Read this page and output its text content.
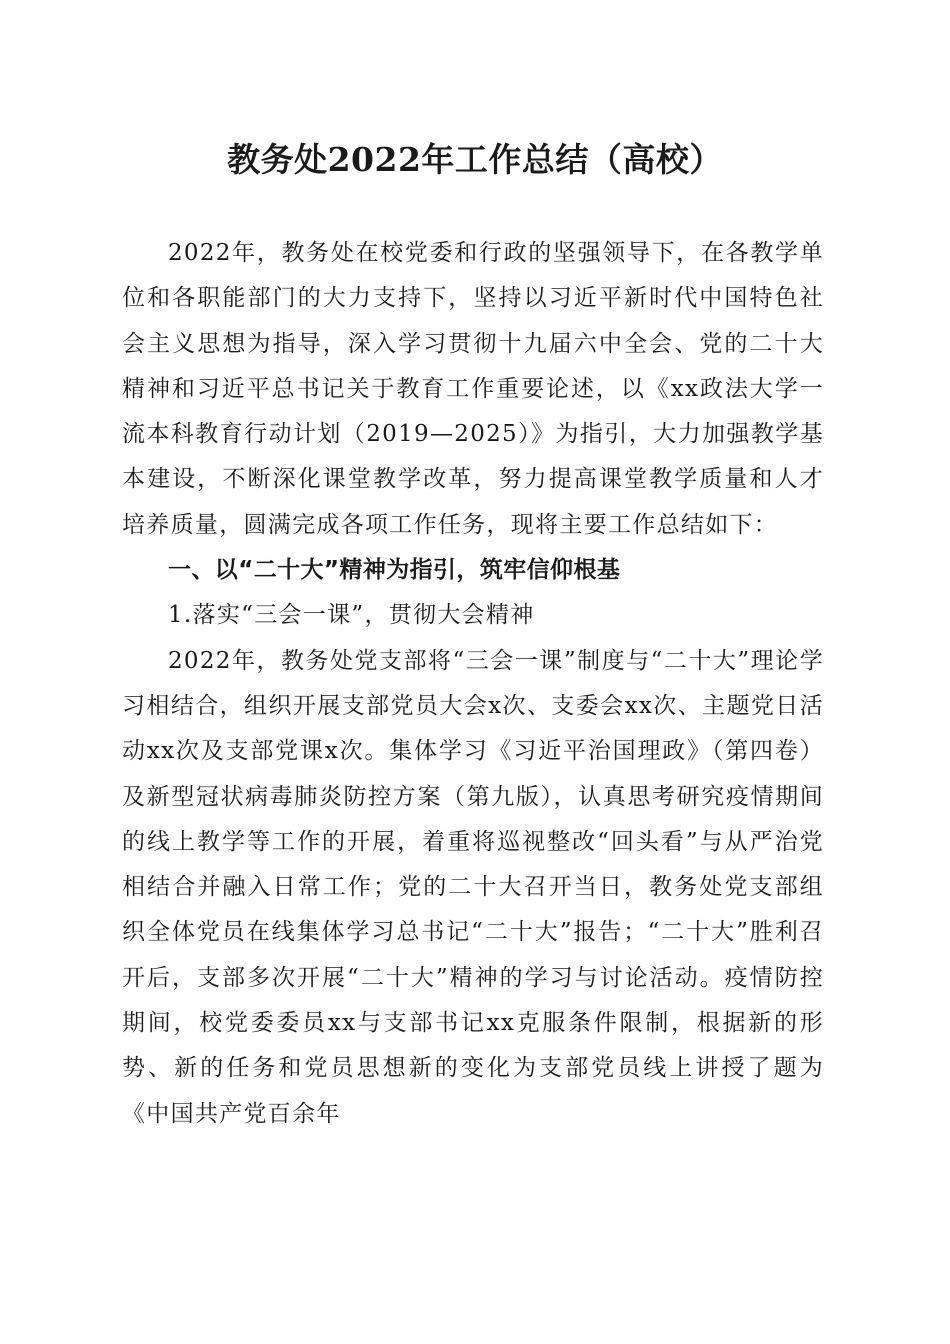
教务处2022年工作总结（高校）

2022年，教务处在校党委和行政的坚强领导下，在各教学单位和各职能部门的大力支持下，坚持以习近平新时代中国特色社会主义思想为指导，深入学习贯彻十九届六中全会、党的二十大精神和习近平总书记关于教育工作重要论述，以《xx政法大学一流本科教育行动计划（2019—2025）》为指引，大力加强教学基本建设，不断深化课堂教学改革，努力提高课堂教学质量和人才培养质量，圆满完成各项工作任务，现将主要工作总结如下：

一、以“二十大”精神为指引，筑牢信仰根基

1.落实“三会一课”，贯彻大会精神

2022年，教务处党支部将“三会一课”制度与“二十大”理论学习相结合，组织开展支部党员大会x次、支委会xx次、主题党日活动xx次及支部党课x次。集体学习《习近平治国理政》（第四卷）及新型冠状病毒肺炎防控方案（第九版），认真思考研究疫情期间的线上教学等工作的开展，着重将巡视整改“回头看”与从严治党相结合并融入日常工作；党的二十大召开当日，教务处党支部组织全体党员在线集体学习总书记“二十大”报告；“二十大”胜利召开后，支部多次开展“二十大”精神的学习与讨论活动。疫情防控期间，校党委委员xx与支部书记xx克服条件限制，根据新的形势、新的任务和党员思想新的变化为支部党员线上讲授了题为《中国共产党百余年
